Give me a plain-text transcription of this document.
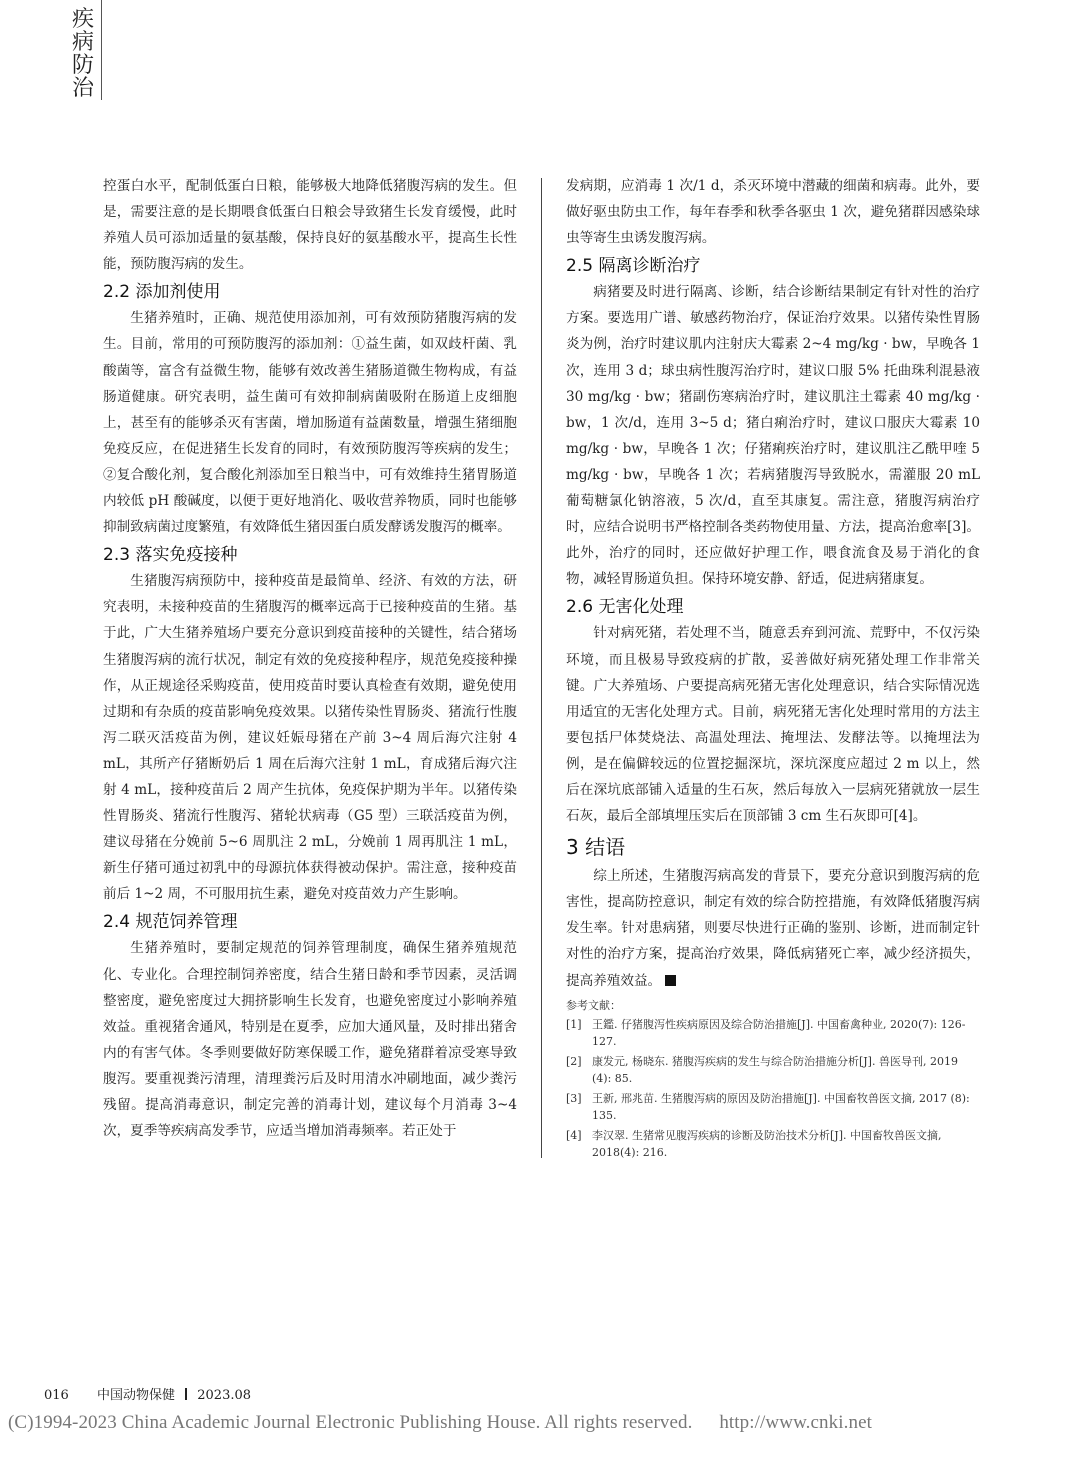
疾病防治

控蛋白水平，配制低蛋白日粮，能够极大地降低猪腹泻病的发生。但是，需要注意的是长期喂食低蛋白日粮会导致猪生长发育缓慢，此时养殖人员可添加适量的氨基酸，保持良好的氨基酸水平，提高生长性能，预防腹泻病的发生。

2.2 添加剂使用

生猪养殖时，正确、规范使用添加剂，可有效预防猪腹泻病的发生。目前，常用的可预防腹泻的添加剂：①益生菌，如双歧杆菌、乳酸菌等，富含有益微生物，能够有效改善生猪肠道微生物构成，有益肠道健康。研究表明，益生菌可有效抑制病菌吸附在肠道上皮细胞上，甚至有的能够杀灭有害菌，增加肠道有益菌数量，增强生猪细胞免疫反应，在促进猪生长发育的同时，有效预防腹泻等疾病的发生；②复合酸化剂，复合酸化剂添加至日粮当中，可有效维持生猪胃肠道内较低 pH 酸碱度，以便于更好地消化、吸收营养物质，同时也能够抑制致病菌过度繁殖，有效降低生猪因蛋白质发酵诱发腹泻的概率。

2.3 落实免疫接种

生猪腹泻病预防中，接种疫苗是最简单、经济、有效的方法，研究表明，未接种疫苗的生猪腹泻的概率远高于已接种疫苗的生猪。基于此，广大生猪养殖场户要充分意识到疫苗接种的关键性，结合猪场生猪腹泻病的流行状况，制定有效的免疫接种程序，规范免疫接种操作，从正规途径采购疫苗，使用疫苗时要认真检查有效期，避免使用过期和有杂质的疫苗影响免疫效果。以猪传染性胃肠炎、猪流行性腹泻二联灭活疫苗为例，建议妊娠母猪在产前 3~4 周后海穴注射 4 mL，其所产仔猪断奶后 1 周在后海穴注射 1 mL，育成猪后海穴注射 4 mL，接种疫苗后 2 周产生抗体，免疫保护期为半年。以猪传染性胃肠炎、猪流行性腹泻、猪轮状病毒（G5 型）三联活疫苗为例，建议母猪在分娩前 5~6 周肌注 2 mL，分娩前 1 周再肌注 1 mL，新生仔猪可通过初乳中的母源抗体获得被动保护。需注意，接种疫苗前后 1~2 周，不可服用抗生素，避免对疫苗效力产生影响。

2.4 规范饲养管理

生猪养殖时，要制定规范的饲养管理制度，确保生猪养殖规范化、专业化。合理控制饲养密度，结合生猪日龄和季节因素，灵活调整密度，避免密度过大拥挤影响生长发育，也避免密度过小影响养殖效益。重视猪舍通风，特别是在夏季，应加大通风量，及时排出猪舍内的有害气体。冬季则要做好防寒保暖工作，避免猪群着凉受寒导致腹泻。要重视粪污清理，清理粪污后及时用清水冲刷地面，减少粪污残留。提高消毒意识，制定完善的消毒计划，建议每个月消毒 3~4 次，夏季等疾病高发季节，应适当增加消毒频率。若正处于

发病期，应消毒 1 次/1 d，杀灭环境中潜藏的细菌和病毒。此外，要做好驱虫防虫工作，每年春季和秋季各驱虫 1 次，避免猪群因感染球虫等寄生虫诱发腹泻病。

2.5 隔离诊断治疗

病猪要及时进行隔离、诊断，结合诊断结果制定有针对性的治疗方案。要选用广谱、敏感药物治疗，保证治疗效果。以猪传染性胃肠炎为例，治疗时建议肌内注射庆大霉素 2~4 mg/kg · bw，早晚各 1 次，连用 3 d；球虫病性腹泻治疗时，建议口服 5% 托曲珠利混悬液 30 mg/kg · bw；猪副伤寒病治疗时，建议肌注土霉素 40 mg/kg · bw，1 次/d，连用 3~5 d；猪白痢治疗时，建议口服庆大霉素 10 mg/kg · bw，早晚各 1 次；仔猪痢疾治疗时，建议肌注乙酰甲喹 5 mg/kg · bw，早晚各 1 次；若病猪腹泻导致脱水，需灌服 20 mL 葡萄糖氯化钠溶液，5 次/d，直至其康复。需注意，猪腹泻病治疗时，应结合说明书严格控制各类药物使用量、方法，提高治愈率[3]。此外，治疗的同时，还应做好护理工作，喂食流食及易于消化的食物，减轻胃肠道负担。保持环境安静、舒适，促进病猪康复。

2.6 无害化处理

针对病死猪，若处理不当，随意丢弃到河流、荒野中，不仅污染环境，而且极易导致疫病的扩散，妥善做好病死猪处理工作非常关键。广大养殖场、户要提高病死猪无害化处理意识，结合实际情况选用适宜的无害化处理方式。目前，病死猪无害化处理时常用的方法主要包括尸体焚烧法、高温处理法、掩埋法、发酵法等。以掩埋法为例，是在偏僻较远的位置挖掘深坑，深坑深度应超过 2 m 以上，然后在深坑底部铺入适量的生石灰，然后每放入一层病死猪就放一层生石灰，最后全部填埋压实后在顶部铺 3 cm 生石灰即可[4]。

3 结语

综上所述，生猪腹泻病高发的背景下，要充分意识到腹泻病的危害性，提高防控意识，制定有效的综合防控措施，有效降低猪腹泻病发生率。针对患病猪，则要尽快进行正确的鉴别、诊断，进而制定针对性的治疗方案，提高治疗效果，降低病猪死亡率，减少经济损失，提高养殖效益。

参考文献：
[1] 王鑑. 仔猪腹泻性疾病原因及综合防治措施[J]. 中国畜禽种业, 2020(7): 126-127.
[2] 康发元, 杨晓东. 猪腹泻疾病的发生与综合防治措施分析[J]. 兽医导刊, 2019 (4): 85.
[3] 王新, 邢兆苗. 生猪腹泻病的原因及防治措施[J]. 中国畜牧兽医文摘, 2017 (8): 135.
[4] 李汉翠. 生猪常见腹泻疾病的诊断及防治技术分析[J]. 中国畜牧兽医文摘, 2018(4): 216.
016 中国动物保健 2023.08
(C)1994-2023 China Academic Journal Electronic Publishing House. All rights reserved. http://www.cnki.net
